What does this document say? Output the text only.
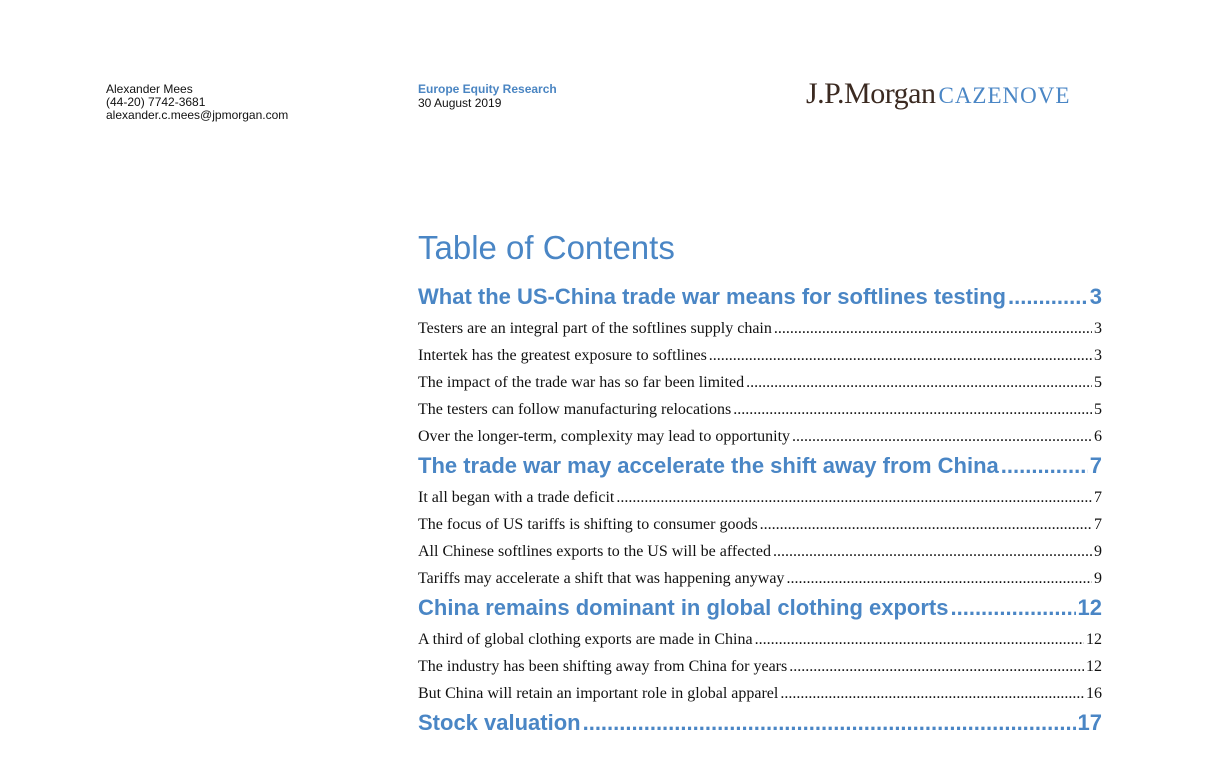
Alexander Mees
(44-20) 7742-3681
alexander.c.mees@jpmorgan.com
Europe Equity Research
30 August 2019	J.P.Morgan CAZENOVE
Table of Contents
What the US-China trade war means for softlines testing .....	3
Testers are an integral part of the softlines supply chain .....	3
Intertek has the greatest exposure to softlines .....	3
The impact of the trade war has so far been limited .....	5
The testers can follow manufacturing relocations .....	5
Over the longer-term, complexity may lead to opportunity .....	6
The trade war may accelerate the shift away from China .....	7
It all began with a trade deficit .....	7
The focus of US tariffs is shifting to consumer goods .....	7
All Chinese softlines exports to the US will be affected .....	9
Tariffs may accelerate a shift that was happening anyway .....	9
China remains dominant in global clothing exports .....	12
A third of global clothing exports are made in China .....	12
The industry has been shifting away from China for years .....	12
But China will retain an important role in global apparel .....	16
Stock valuation .....	17
